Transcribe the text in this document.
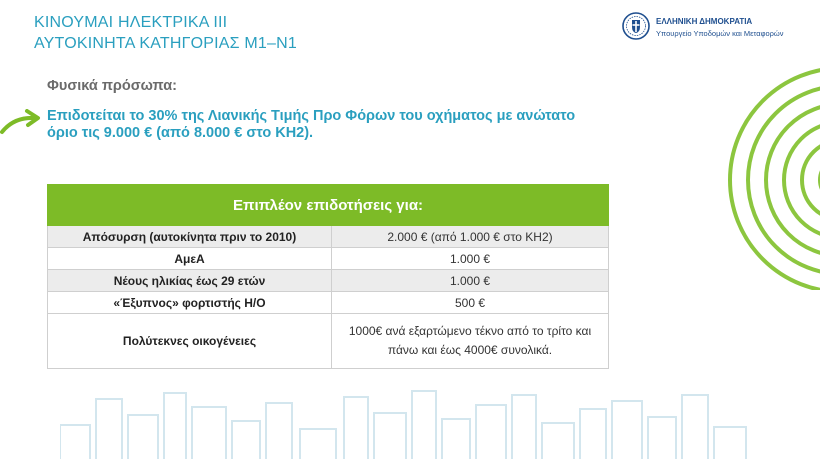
ΚΙΝΟΥΜΑΙ ΗΛΕΚΤΡΙΚΑ ΙΙΙ
ΑΥΤΟΚΙΝΗΤΑ ΚΑΤΗΓΟΡΙΑΣ Μ1–Ν1
ΕΛΛΗΝΙΚΗ ΔΗΜΟΚΡΑΤΙΑ
Υπουργείο Υποδομών και Μεταφορών
Φυσικά πρόσωπα:
Επιδοτείται το 30% της Λιανικής Τιμής Προ Φόρων του οχήματος με ανώτατο όριο τις 9.000 € (από 8.000 € στο ΚΗ2).
Επιπλέον επιδοτήσεις για:	
Απόσυρση (αυτοκίνητα πριν το 2010)	2.000 € (από 1.000 € στο ΚΗ2)
ΑμεΑ	1.000 €
Νέους ηλικίας έως 29 ετών	1.000 €
«Έξυπνος» φορτιστής Η/Ο	500 €
Πολύτεκνες οικογένειες	1000€ ανά εξαρτώμενο τέκνο από το τρίτο και πάνω και έως 4000€ συνολικά.
